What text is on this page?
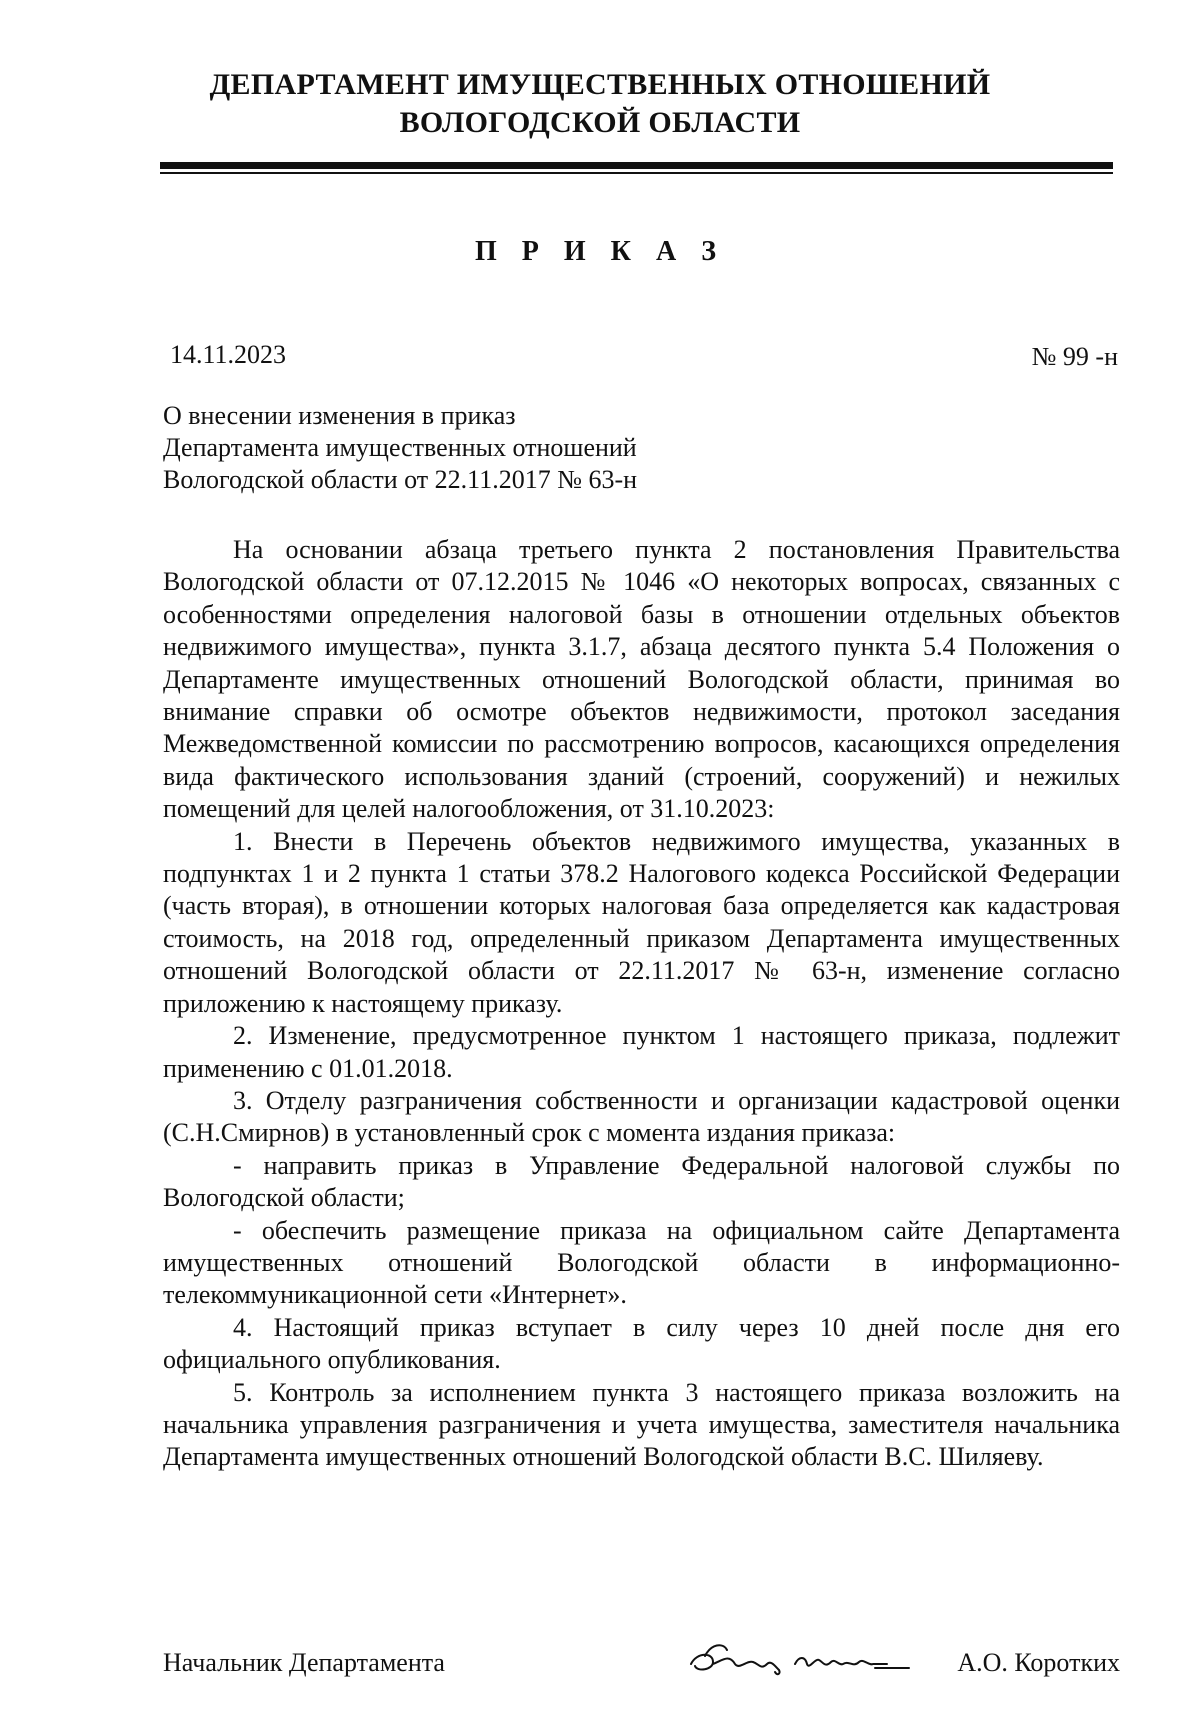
ДЕПАРТАМЕНТ ИМУЩЕСТВЕННЫХ ОТНОШЕНИЙ
ВОЛОГОДСКОЙ ОБЛАСТИ
П Р И К А З
14.11.2023	№ 99 -н
О внесении изменения в приказ
Департамента имущественных отношений
Вологодской области от 22.11.2017 № 63-н

На основании абзаца третьего пункта 2 постановления Правительства Вологодской области от 07.12.2015 № 1046 «О некоторых вопросах, связанных с особенностями определения налоговой базы в отношении отдельных объектов недвижимого имущества», пункта 3.1.7, абзаца десятого пункта 5.4 Положения о Департаменте имущественных отношений Вологодской области, принимая во внимание справки об осмотре объектов недвижимости, протокол заседания Межведомственной комиссии по рассмотрению вопросов, касающихся определения вида фактического использования зданий (строений, сооружений) и нежилых помещений для целей налогообложения, от 31.10.2023:

1. Внести в Перечень объектов недвижимого имущества, указанных в подпунктах 1 и 2 пункта 1 статьи 378.2 Налогового кодекса Российской Федерации (часть вторая), в отношении которых налоговая база определяется как кадастровая стоимость, на 2018 год, определенный приказом Департамента имущественных отношений Вологодской области от 22.11.2017 № 63-н, изменение согласно приложению к настоящему приказу.

2. Изменение, предусмотренное пунктом 1 настоящего приказа, подлежит применению с 01.01.2018.

3. Отделу разграничения собственности и организации кадастровой оценки (С.Н.Смирнов) в установленный срок с момента издания приказа:

- направить приказ в Управление Федеральной налоговой службы по Вологодской области;

- обеспечить размещение приказа на официальном сайте Департамента имущественных отношений Вологодской области в информационно-телекоммуникационной сети «Интернет».

4. Настоящий приказ вступает в силу через 10 дней после дня его официального опубликования.

5. Контроль за исполнением пункта 3 настоящего приказа возложить на начальника управления разграничения и учета имущества, заместителя начальника Департамента имущественных отношений Вологодской области В.С. Шиляеву.

Начальник Департамента	А.О. Коротких
